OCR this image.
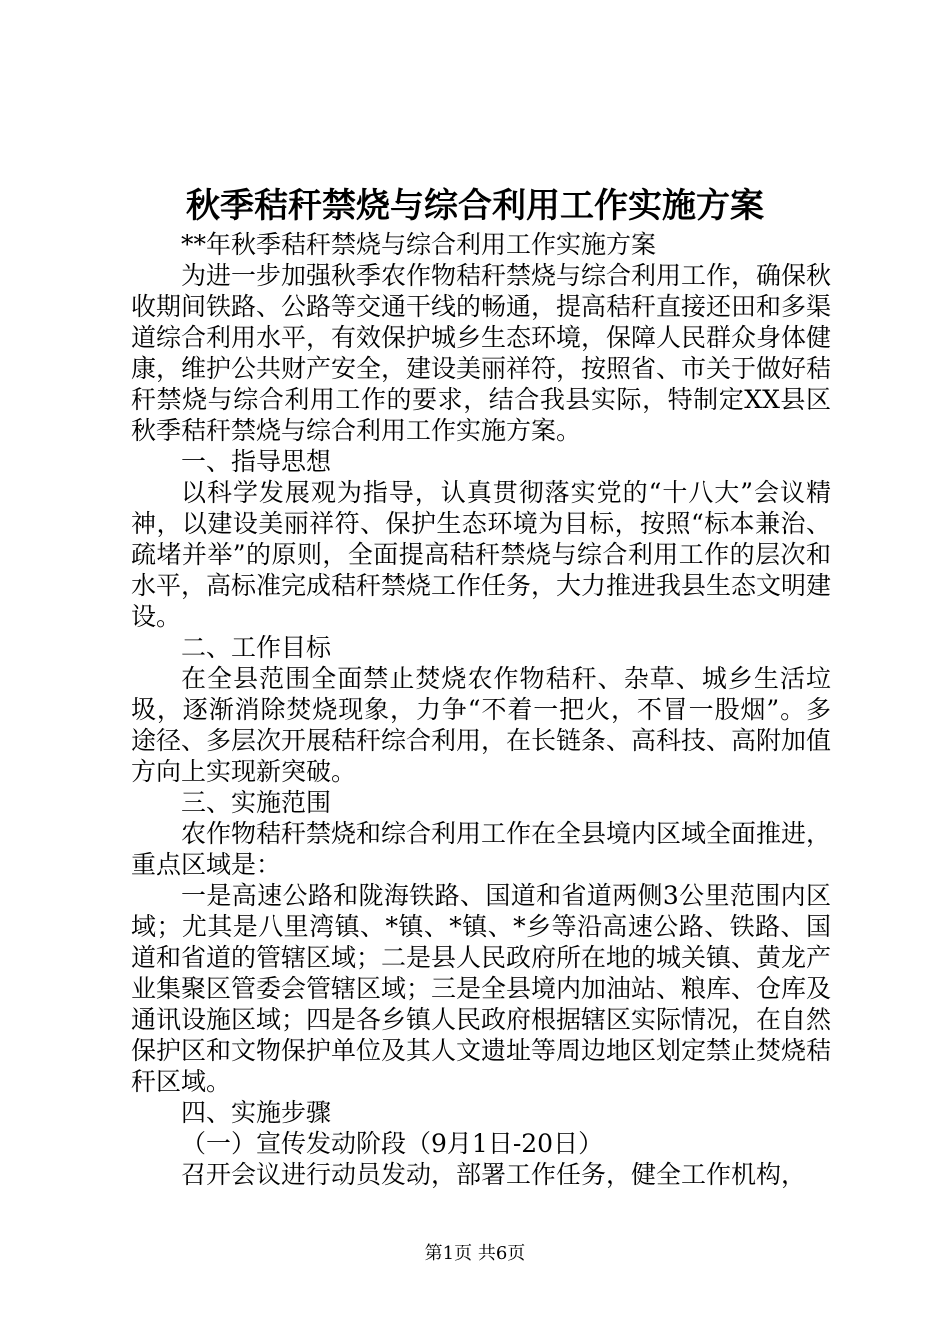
秋季秸秆禁烧与综合利用工作实施方案

**年秋季秸秆禁烧与综合利用工作实施方案

为进一步加强秋季农作物秸秆禁烧与综合利用工作，确保秋收期间铁路、公路等交通干线的畅通，提高秸秆直接还田和多渠道综合利用水平，有效保护城乡生态环境，保障人民群众身体健康，维护公共财产安全，建设美丽祥符，按照省、市关于做好秸秆禁烧与综合利用工作的要求，结合我县实际，特制定XX县区秋季秸秆禁烧与综合利用工作实施方案。

一、指导思想

以科学发展观为指导，认真贯彻落实党的“十八大”会议精神，以建设美丽祥符、保护生态环境为目标，按照“标本兼治、疏堵并举”的原则，全面提高秸秆禁烧与综合利用工作的层次和水平，高标准完成秸秆禁烧工作任务，大力推进我县生态文明建设。

二、工作目标

在全县范围全面禁止焚烧农作物秸秆、杂草、城乡生活垃圾，逐渐消除焚烧现象，力争“不着一把火，不冒一股烟”。多途径、多层次开展秸秆综合利用，在长链条、高科技、高附加值方向上实现新突破。

三、实施范围

农作物秸秆禁烧和综合利用工作在全县境内区域全面推进，重点区域是：

一是高速公路和陇海铁路、国道和省道两侧3公里范围内区域；尤其是八里湾镇、*镇、*镇、*乡等沿高速公路、铁路、国道和省道的管辖区域；二是县人民政府所在地的城关镇、黄龙产业集聚区管委会管辖区域；三是全县境内加油站、粮库、仓库及通讯设施区域；四是各乡镇人民政府根据辖区实际情况，在自然保护区和文物保护单位及其人文遗址等周边地区划定禁止焚烧秸秆区域。

四、实施步骤

（一）宣传发动阶段（9月1日-20日）

召开会议进行动员发动，部署工作任务，健全工作机构，

第1页 共6页
